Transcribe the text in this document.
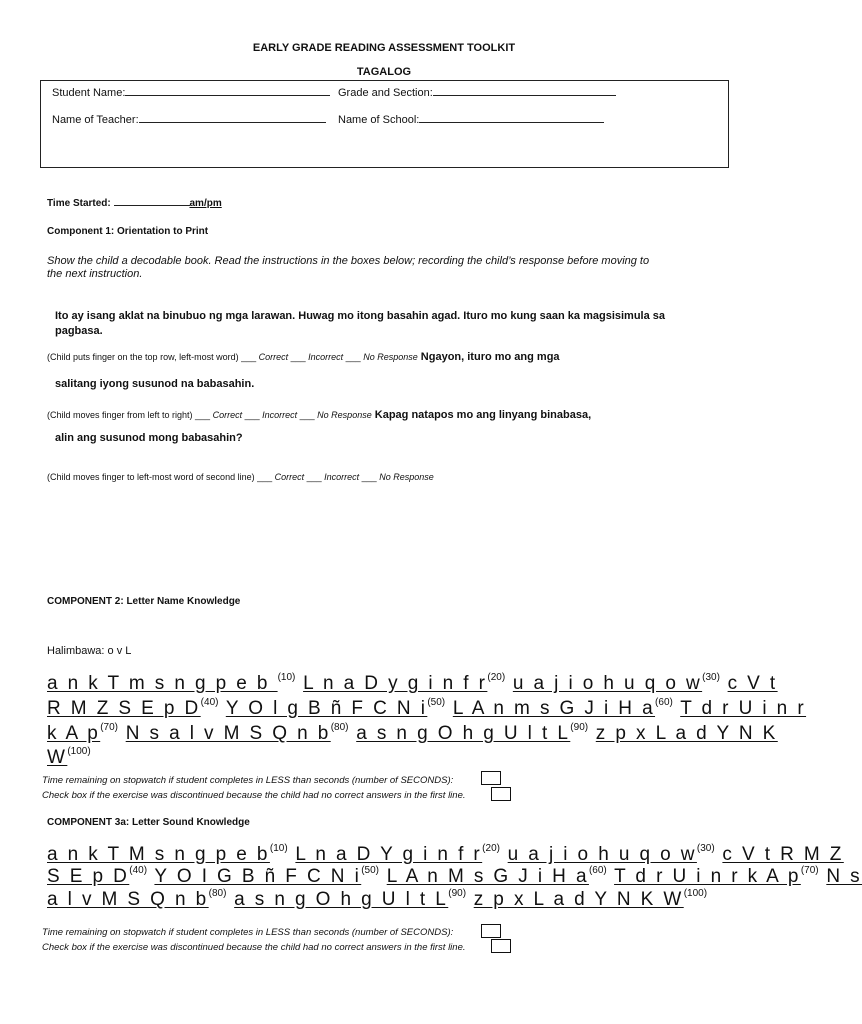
EARLY GRADE READING ASSESSMENT TOOLKIT
TAGALOG
Student Name:	Grade and Section:
Name of Teacher:	Name of School:
Time Started:	am/pm
Component 1: Orientation to Print
Show the child a decodable book. Read the instructions in the boxes below; recording the child’s response before moving to
the next instruction.
Ito ay isang aklat na binubuo ng mga larawan. Huwag mo itong basahin agad. Ituro mo kung saan ka magsisimula sa
pagbasa.
(Child puts finger on the top row, left-most word) ___ Correct ___ Incorrect ___ No Response Ngayon, ituro mo ang mga
salitang iyong susunod na babasahin.
(Child moves finger from left to right) ___ Correct ___ Incorrect ___ No Response Kapag natapos mo ang linyang binabasa,
alin ang susunod mong babasahin?
(Child moves finger to left-most word of second line) ___ Correct ___ Incorrect ___ No Response
COMPONENT 2: Letter Name Knowledge
Halimbawa: o v L
a n k T m s n g p e b $^{(10)}$ L n a D y g i n f $r^{(20)}$ u a j i o h u q o $w^{(30)}$ c V t
R M Z S E p $D^{(40)}$ Y O l g B ñ F C N $i^{(50)}$ L A n m s G J i H $a^{(60)}$ T d r U i n r
k A $p^{(70)}$ N s a l v M S Q n $b^{(80)}$ a s n g O h g U l t $L^{(90)}$ z p x L a d Y N K
$W^{(100)}$
Time remaining on stopwatch if student completes in LESS than seconds (number of SECONDS):
Check box if the exercise was discontinued because the child had no correct answers in the first line.
COMPONENT 3a: Letter Sound Knowledge
a n k T M s n g p e $b^{(10)}$ L n a D Y g i n f $r^{(20)}$ u a j i o h u q o $w^{(30)}$ c V t R M Z
S E p $D^{(40)}$ Y O I G B ñ F C N $i^{(50)}$ L A n M s G J i H $a^{(60)}$ T d r U i n r k A $p^{(70)}$ N s
a l v M S Q n $b^{(80)}$ a s n g O h g U l t $L^{(90)}$ z p x L a d Y N K $W^{(100)}$
Time remaining on stopwatch if student completes in LESS than seconds (number of SECONDS):
Check box if the exercise was discontinued because the child had no correct answers in the first line.
